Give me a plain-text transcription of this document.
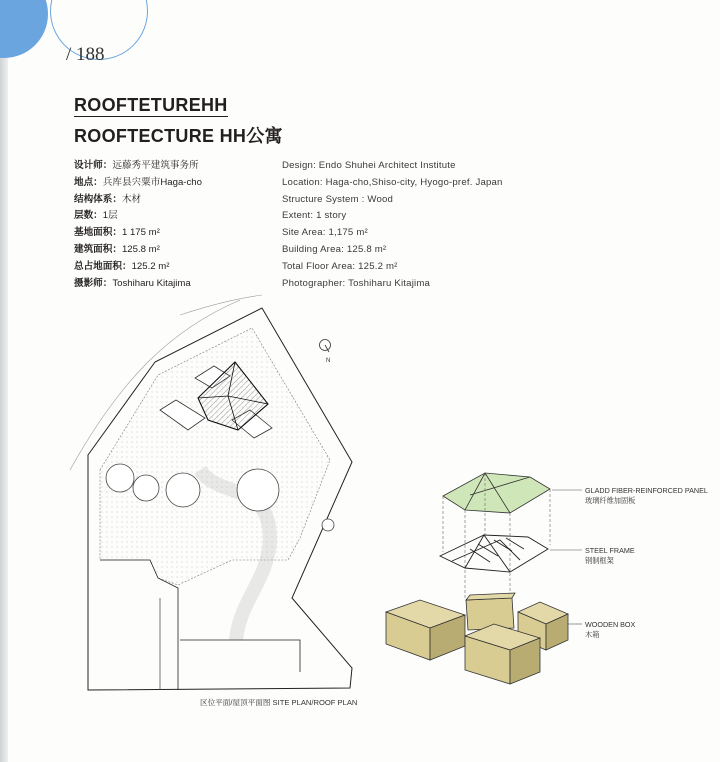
/ 188
ROOFTETUREHH
ROOFTECTURE HH公寓
设计师：远藤秀平建筑事务所
地点：兵库县宍粟市Haga-cho
结构体系：木材
层数：1层
基地面积：1 175 m²
建筑面积：125.8 m²
总占地面积：125.2 m²
摄影师：Toshiharu Kitajima
Design: Endo Shuhei Architect Institute
Location: Haga-cho,Shiso-city, Hyogo-pref. Japan
Structure System : Wood
Extent: 1 story
Site Area: 1,175 m²
Building Area: 125.8 m²
Total Floor Area: 125.2 m²
Photographer: Toshiharu Kitajima
N
GLADD FIBER-REINFORCED PANEL
玻璃纤维加固板
STEEL FRAME
钢制框架
WOODEN BOX
木箱
区位平面/屋顶平面图 SITE PLAN/ROOF PLAN
